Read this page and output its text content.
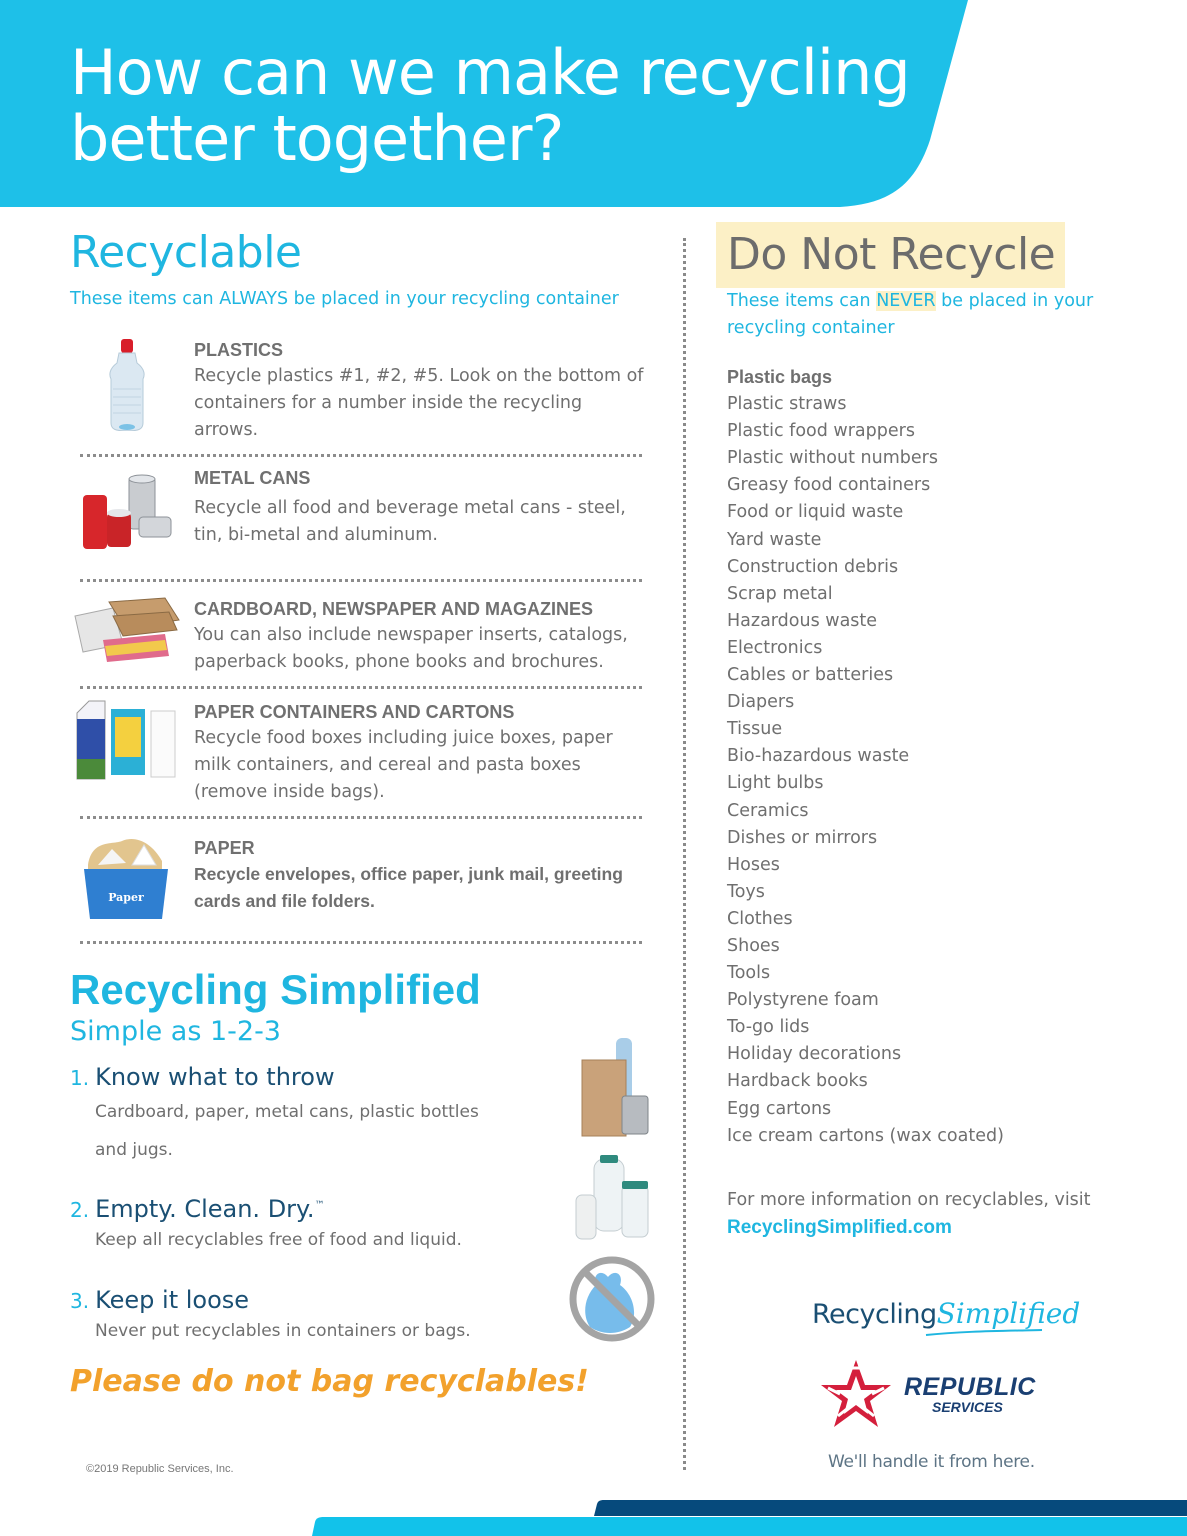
How can we make recycling
better together?
Recyclable

These items can ALWAYS be placed in your recycling container

PLASTICS

Recycle plastics #1, #2, #5. Look on the bottom of containers for a number inside the recycling arrows.

METAL CANS

Recycle all food and beverage metal cans - steel, tin, bi-metal and aluminum.

CARDBOARD, NEWSPAPER AND MAGAZINES

You can also include newspaper inserts, catalogs, paperback books, phone books and brochures.

PAPER CONTAINERS AND CARTONS

Recycle food boxes including juice boxes, paper milk containers, and cereal and pasta boxes (remove inside bags).

Paper

PAPER

Recycle envelopes, office paper, junk mail, greeting cards and file folders.

Recycling Simplified

Simple as 1-2-3

1. Know what to throw

Cardboard, paper, metal cans, plastic bottles and jugs.

2. Empty. Clean. Dry.™

Keep all recyclables free of food and liquid.

3. Keep it loose

Never put recyclables in containers or bags.

Please do not bag recyclables!

©2019 Republic Services, Inc.
Do Not Recycle

These items can NEVER be placed in your recycling container

Plastic bags
Plastic straws
Plastic food wrappers
Plastic without numbers
Greasy food containers
Food or liquid waste
Yard waste
Construction debris
Scrap metal
Hazardous waste
Electronics
Cables or batteries
Diapers
Tissue
Bio-hazardous waste
Light bulbs
Ceramics
Dishes or mirrors
Hoses
Toys
Clothes
Shoes
Tools
Polystyrene foam
To-go lids
Holiday decorations
Hardback books
Egg cartons
Ice cream cartons (wax coated)

For more information on recyclables, visit
RecyclingSimplified.com

RecyclingSimplified
REPUBLIC
SERVICES
We'll handle it from here.
